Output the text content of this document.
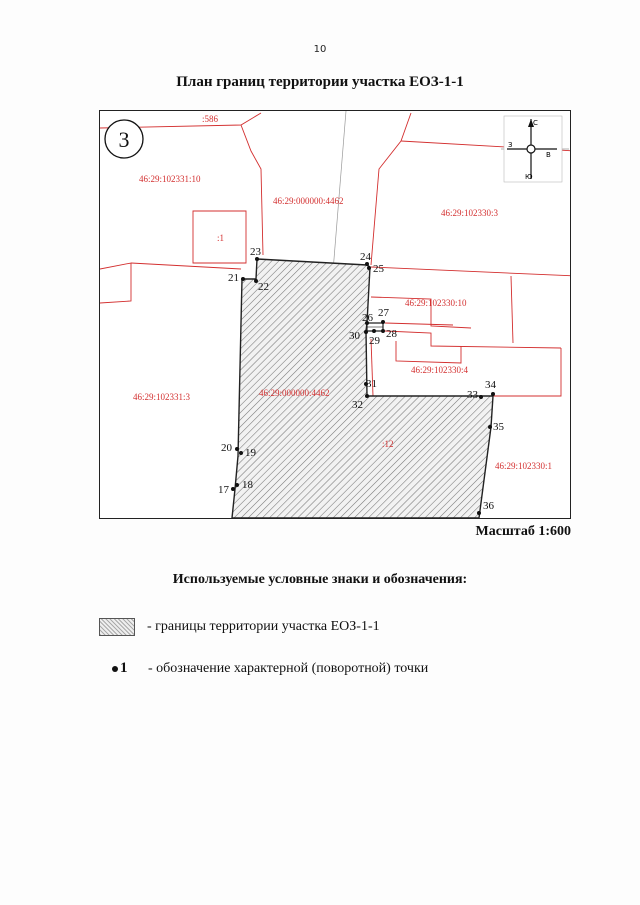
10
План границ территории участка ЕОЗ-1-1
3
С
З
В
Ю
:586
:1
:12
46:29:102331:10
46:29:000000:4462
46:29:102330:3
46:29:102330:10
46:29:102330:4
46:29:102331:3	46:29:000000:4462
46:29:102330:1
17 18
19
20
21
22
23	24
25
26 27
28
29
30
31
32
33
34
35
36
Масштаб 1:600
Используемые условные знаки и обозначения:
- границы территории участка ЕОЗ-1-1
1 - обозначение характерной (поворотной) точки
